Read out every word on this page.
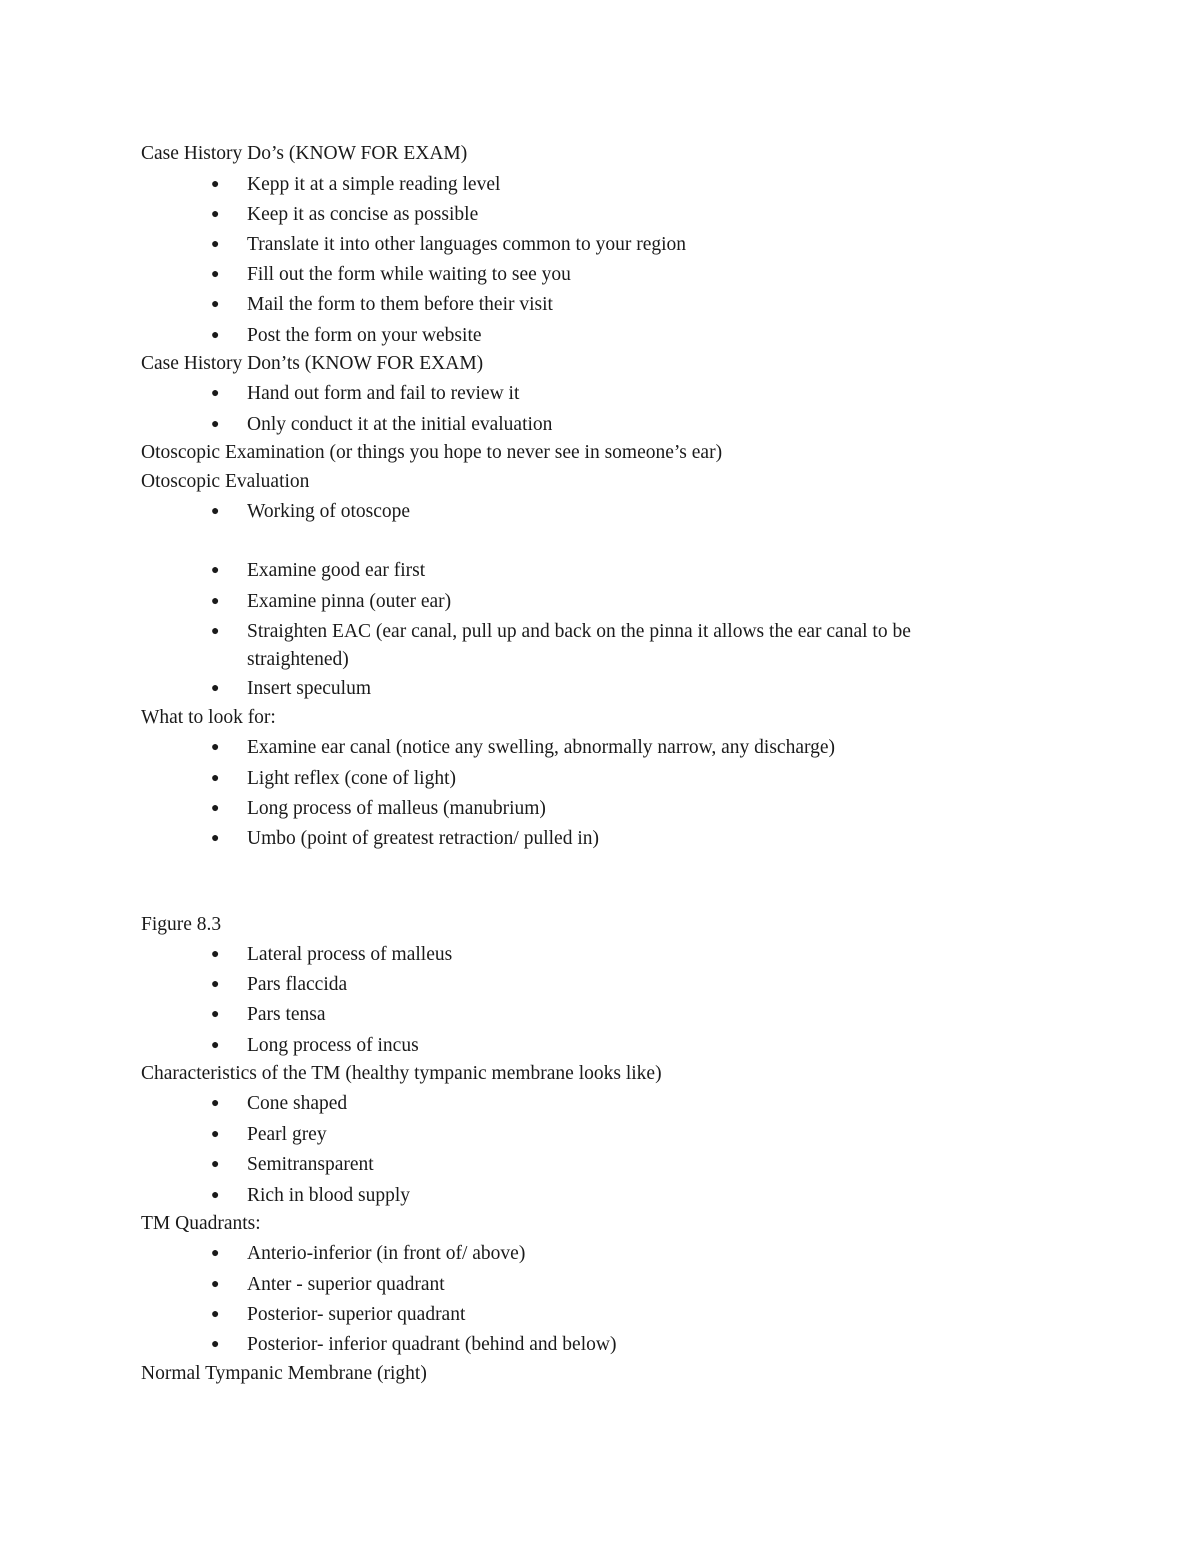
Case History Do’s (KNOW FOR EXAM)
● Kepp it at a simple reading level
● Keep it as concise as possible
● Translate it into other languages common to your region
● Fill out the form while waiting to see you
● Mail the form to them before their visit
● Post the form on your website
Case History Don’ts (KNOW FOR EXAM)
● Hand out form and fail to review it
● Only conduct it at the initial evaluation
Otoscopic Examination (or things you hope to never see in someone’s ear)
Otoscopic Evaluation
● Working of otoscope
● Examine good ear first
● Examine pinna (outer ear)
● Straighten EAC (ear canal, pull up and back on the pinna it allows the ear canal to be
straightened)
● Insert speculum
What to look for:
● Examine ear canal (notice any swelling, abnormally narrow, any discharge)
● Light reflex (cone of light)
● Long process of malleus (manubrium)
● Umbo (point of greatest retraction/ pulled in)
Figure 8.3
● Lateral process of malleus
● Pars flaccida
● Pars tensa
● Long process of incus
Characteristics of the TM (healthy tympanic membrane looks like)
● Cone shaped
● Pearl grey
● Semitransparent
● Rich in blood supply
TM Quadrants:
● Anterio-inferior (in front of/ above)
● Anter - superior quadrant
● Posterior- superior quadrant
● Posterior- inferior quadrant (behind and below)
Normal Tympanic Membrane (right)
